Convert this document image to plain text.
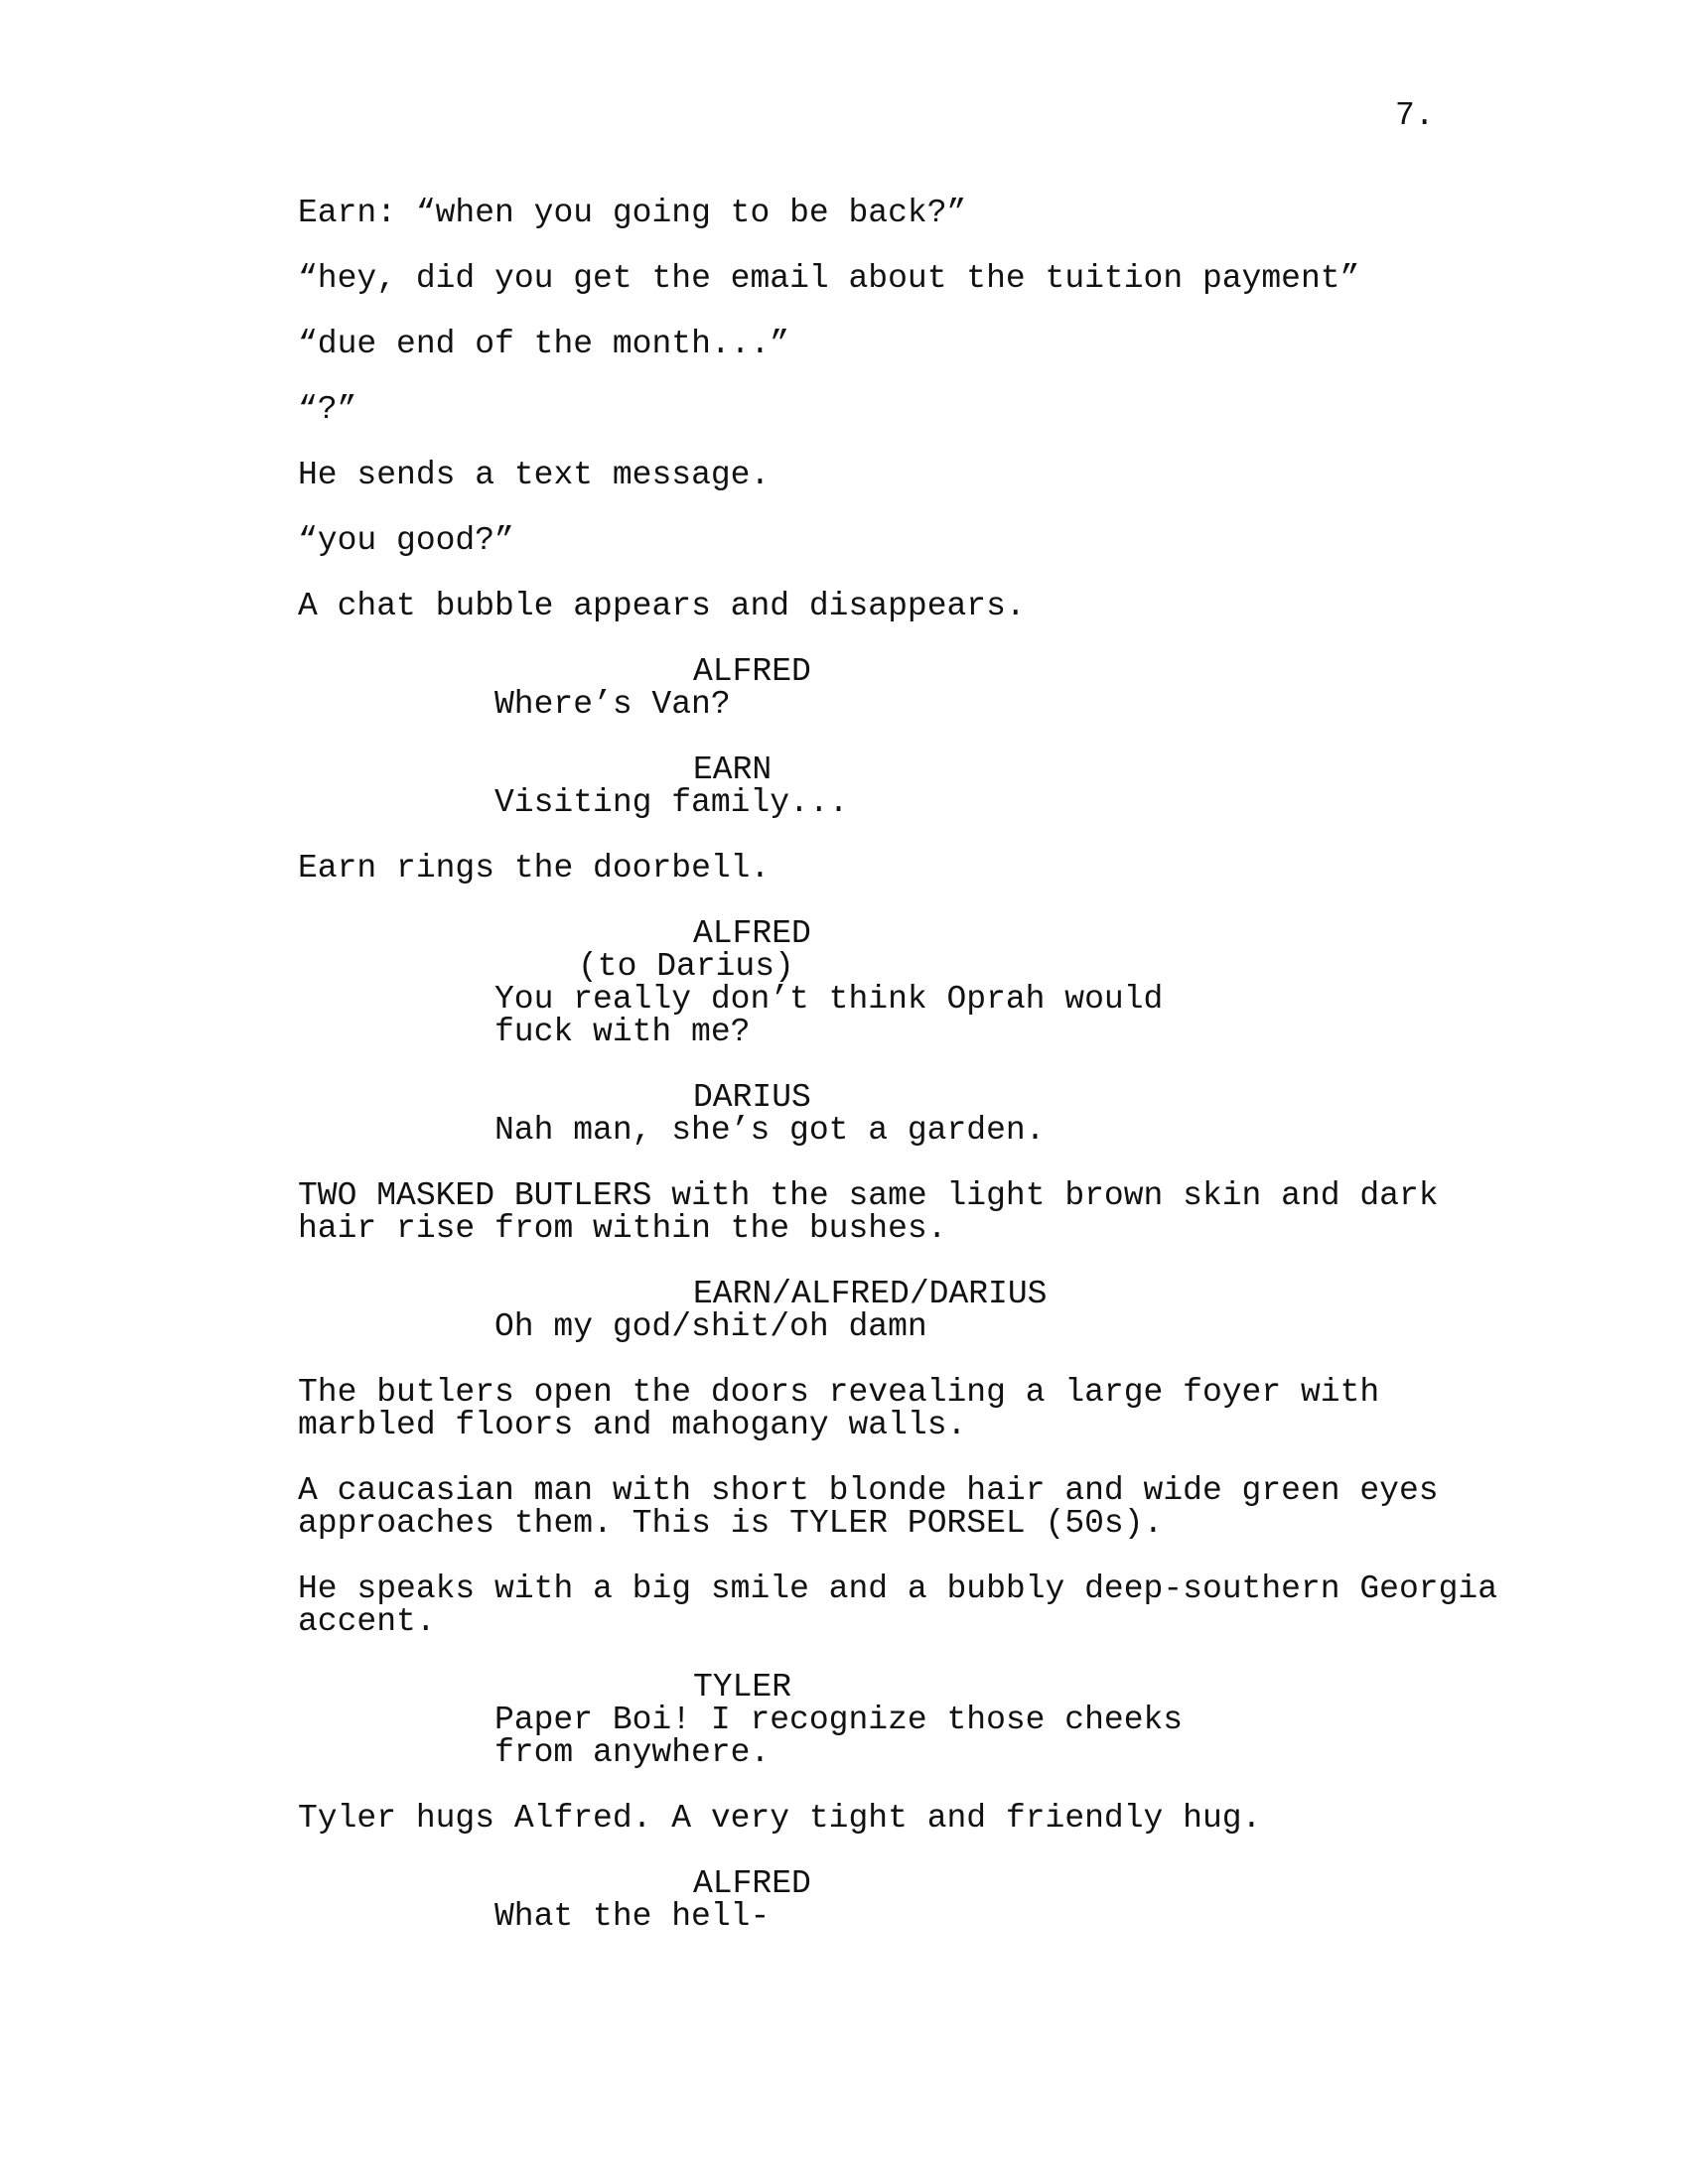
7.

Earn: “when you going to be back?”

“hey, did you get the email about the tuition payment”

“due end of the month...”

“?”

He sends a text message.

“you good?”

A chat bubble appears and disappears.

ALFRED

Where’s Van?

EARN

Visiting family...

Earn rings the doorbell.

ALFRED

(to Darius)

You really don’t think Oprah would

fuck with me?

DARIUS

Nah man, she’s got a garden.

TWO MASKED BUTLERS with the same light brown skin and dark

hair rise from within the bushes.

EARN/ALFRED/DARIUS

Oh my god/shit/oh damn

The butlers open the doors revealing a large foyer with

marbled floors and mahogany walls.

A caucasian man with short blonde hair and wide green eyes

approaches them. This is TYLER PORSEL (50s).

He speaks with a big smile and a bubbly deep-southern Georgia

accent.

TYLER

Paper Boi! I recognize those cheeks

from anywhere.

Tyler hugs Alfred. A very tight and friendly hug.

ALFRED

What the hell-
